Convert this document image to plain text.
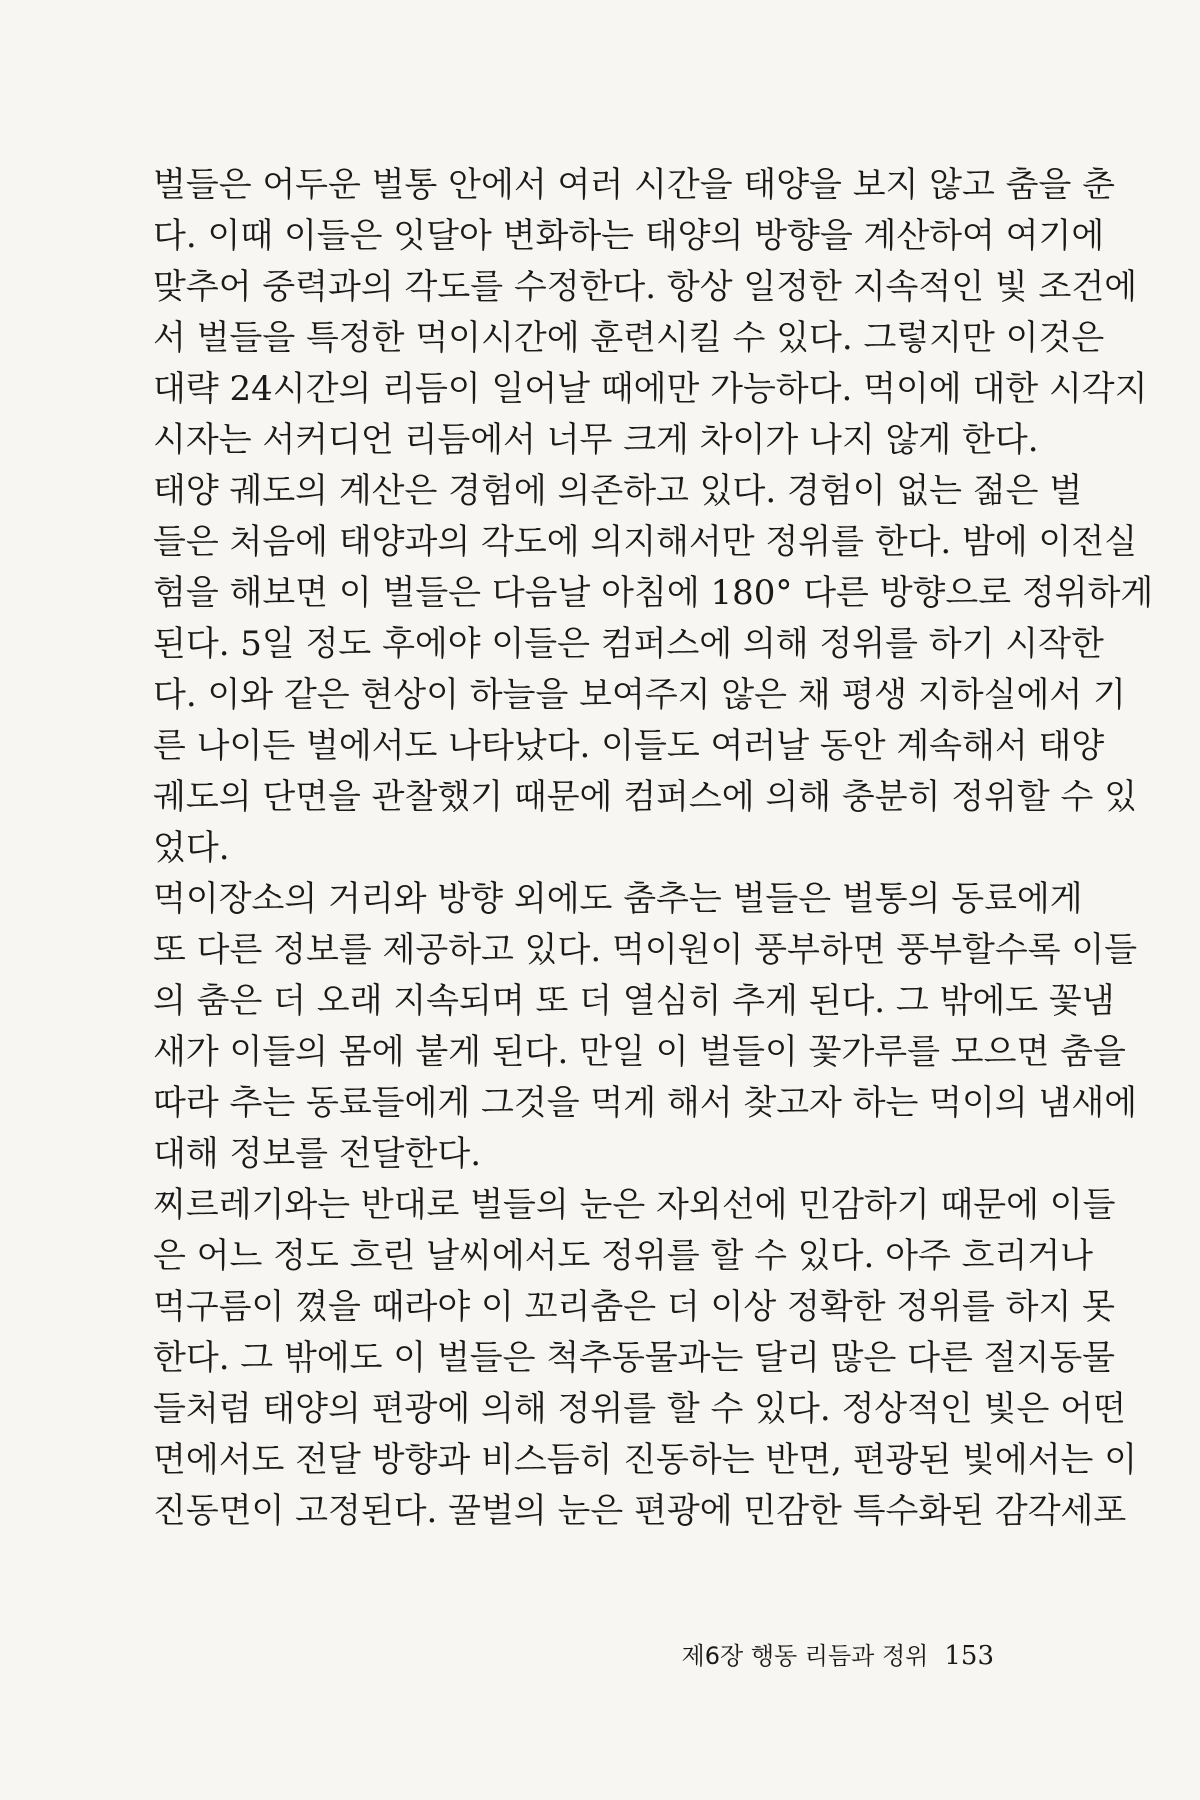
벌들은 어두운 벌통 안에서 여러 시간을 태양을 보지 않고 춤을 춘
다. 이때 이들은 잇달아 변화하는 태양의 방향을 계산하여 여기에
맞추어 중력과의 각도를 수정한다. 항상 일정한 지속적인 빛 조건에
서 벌들을 특정한 먹이시간에 훈련시킬 수 있다. 그렇지만 이것은
대략 24시간의 리듬이 일어날 때에만 가능하다. 먹이에 대한 시각지
시자는 서커디언 리듬에서 너무 크게 차이가 나지 않게 한다.
태양 궤도의 계산은 경험에 의존하고 있다. 경험이 없는 젊은 벌
들은 처음에 태양과의 각도에 의지해서만 정위를 한다. 밤에 이전실
험을 해보면 이 벌들은 다음날 아침에 180° 다른 방향으로 정위하게
된다. 5일 정도 후에야 이들은 컴퍼스에 의해 정위를 하기 시작한
다. 이와 같은 현상이 하늘을 보여주지 않은 채 평생 지하실에서 기
른 나이든 벌에서도 나타났다. 이들도 여러날 동안 계속해서 태양
궤도의 단면을 관찰했기 때문에 컴퍼스에 의해 충분히 정위할 수 있
었다.
먹이장소의 거리와 방향 외에도 춤추는 벌들은 벌통의 동료에게
또 다른 정보를 제공하고 있다. 먹이원이 풍부하면 풍부할수록 이들
의 춤은 더 오래 지속되며 또 더 열심히 추게 된다. 그 밖에도 꽃냄
새가 이들의 몸에 붙게 된다. 만일 이 벌들이 꽃가루를 모으면 춤을
따라 추는 동료들에게 그것을 먹게 해서 찾고자 하는 먹이의 냄새에
대해 정보를 전달한다.
찌르레기와는 반대로 벌들의 눈은 자외선에 민감하기 때문에 이들
은 어느 정도 흐린 날씨에서도 정위를 할 수 있다. 아주 흐리거나
먹구름이 꼈을 때라야 이 꼬리춤은 더 이상 정확한 정위를 하지 못
한다. 그 밖에도 이 벌들은 척추동물과는 달리 많은 다른 절지동물
들처럼 태양의 편광에 의해 정위를 할 수 있다. 정상적인 빛은 어떤
면에서도 전달 방향과 비스듬히 진동하는 반면, 편광된 빛에서는 이
진동면이 고정된다. 꿀벌의 눈은 편광에 민감한 특수화된 감각세포
제6장 행동 리듬과 정위 153
